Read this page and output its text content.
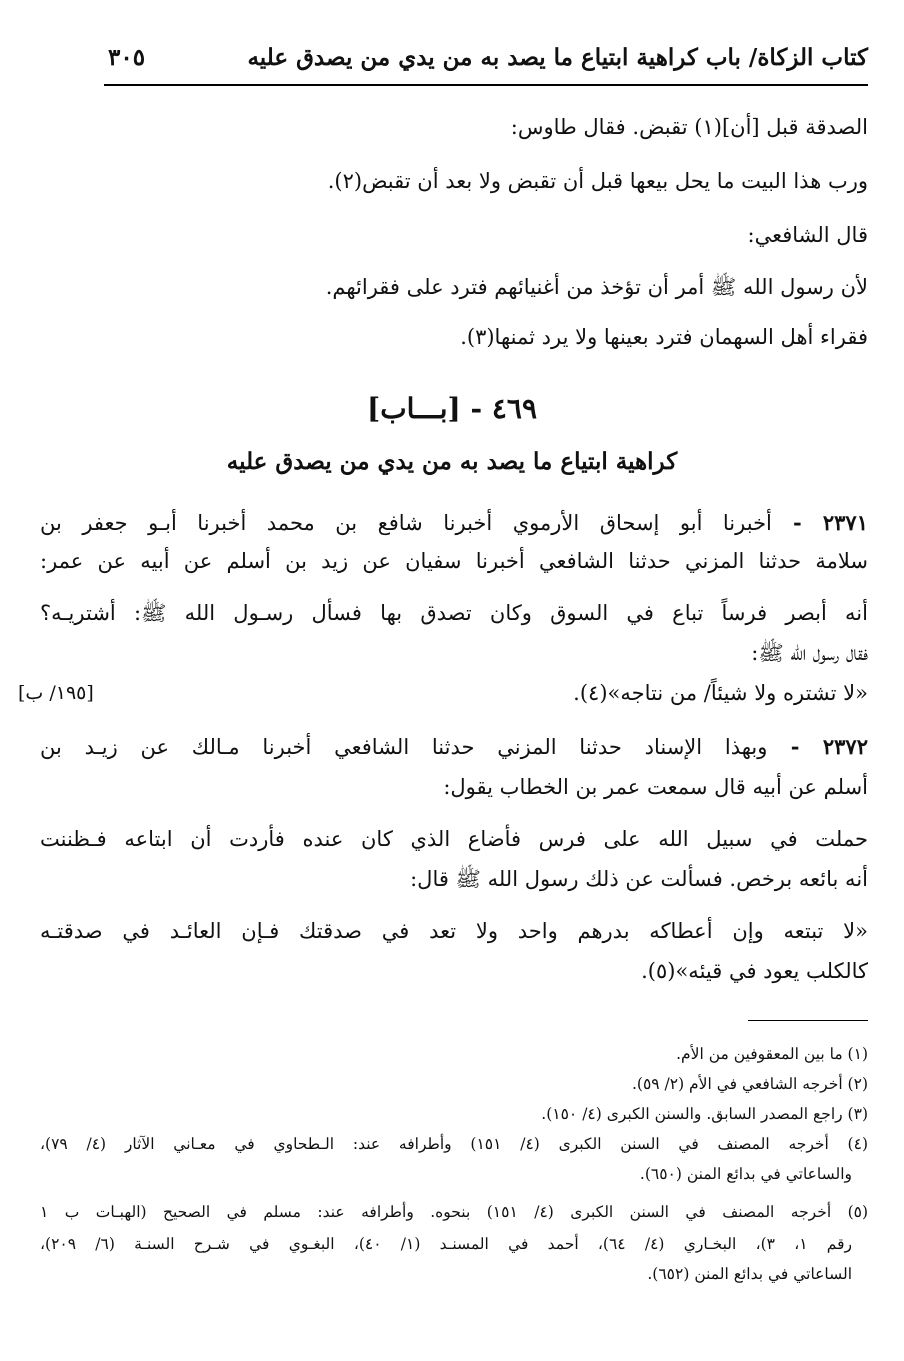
كتاب الزكاة/ باب كراهية ابتياع ما يصد به من يدي من يصدق عليه
٣٠٥
الصدقة قبل [أن](١) تقبض. فقال طاوس:
ورب هذا البيت ما يحل بيعها قبل أن تقبض ولا بعد أن تقبض(٢).
قال الشافعي:
لأن رسول الله ﷺ أمر أن تؤخذ من أغنيائهم فترد على فقرائهم.
فقراء أهل السهمان فترد بعينها ولا يرد ثمنها(٣).
٤٦٩ - [بـــاب]
كراهية ابتياع ما يصد به من يدي من يصدق عليه
٢٣٧١ - أخبرنا أبو إسحاق الأرموي أخبرنا شافع بن محمد أخبرنا أبـو جعفر بن
سلامة حدثنا المزني حدثنا الشافعي أخبرنا سفيان عن زيد بن أسلم عن أبيه عن عمر:
أنه أبصر فرساً تباع في السوق وكان تصدق بها فسأل رسـول الله ﷺ: أشتريـه؟
فقال رسول الله ﷺ:
«لا تشتره ولا شيئاً/ من نتاجه»(٤).
[١٩٥/ ب]
٢٣٧٢ - وبهذا الإسناد حدثنا المزني حدثنا الشافعي أخبرنا مـالك عن زيـد بن
أسلم عن أبيه قال سمعت عمر بن الخطاب يقول:
حملت في سبيل الله على فرس فأضاع الذي كان عنده فأردت أن ابتاعه فـظننت
أنه بائعه برخص. فسألت عن ذلك رسول الله ﷺ قال:
«لا تبتعه وإن أعطاكه بدرهم واحد ولا تعد في صدقتك فـإن العائـد في صدقتـه
كالكلب يعود في قيئه»(٥).
(١) ما بين المعقوفين من الأم.
(٢) أخرجه الشافعي في الأم (٢/ ٥٩).
(٣) راجع المصدر السابق. والسنن الكبرى (٤/ ١٥٠).
(٤) أخرجه المصنف في السنن الكبرى (٤/ ١٥١) وأطرافه عند: الـطحاوي في معـاني الآثار (٤/ ٧٩)،
والساعاتي في بدائع المنن (٦٥٠).
(٥) أخرجه المصنف في السنن الكبرى (٤/ ١٥١) بنحوه. وأطرافه عند: مسلم في الصحيح (الهبـات ب ١
رقم ١، ٣)، البخـاري (٤/ ٦٤)، أحمد في المسنـد (١/ ٤٠)، البغـوي في شـرح السنـة (٦/ ٢٠٩)،
الساعاتي في بدائع المنن (٦٥٢).
